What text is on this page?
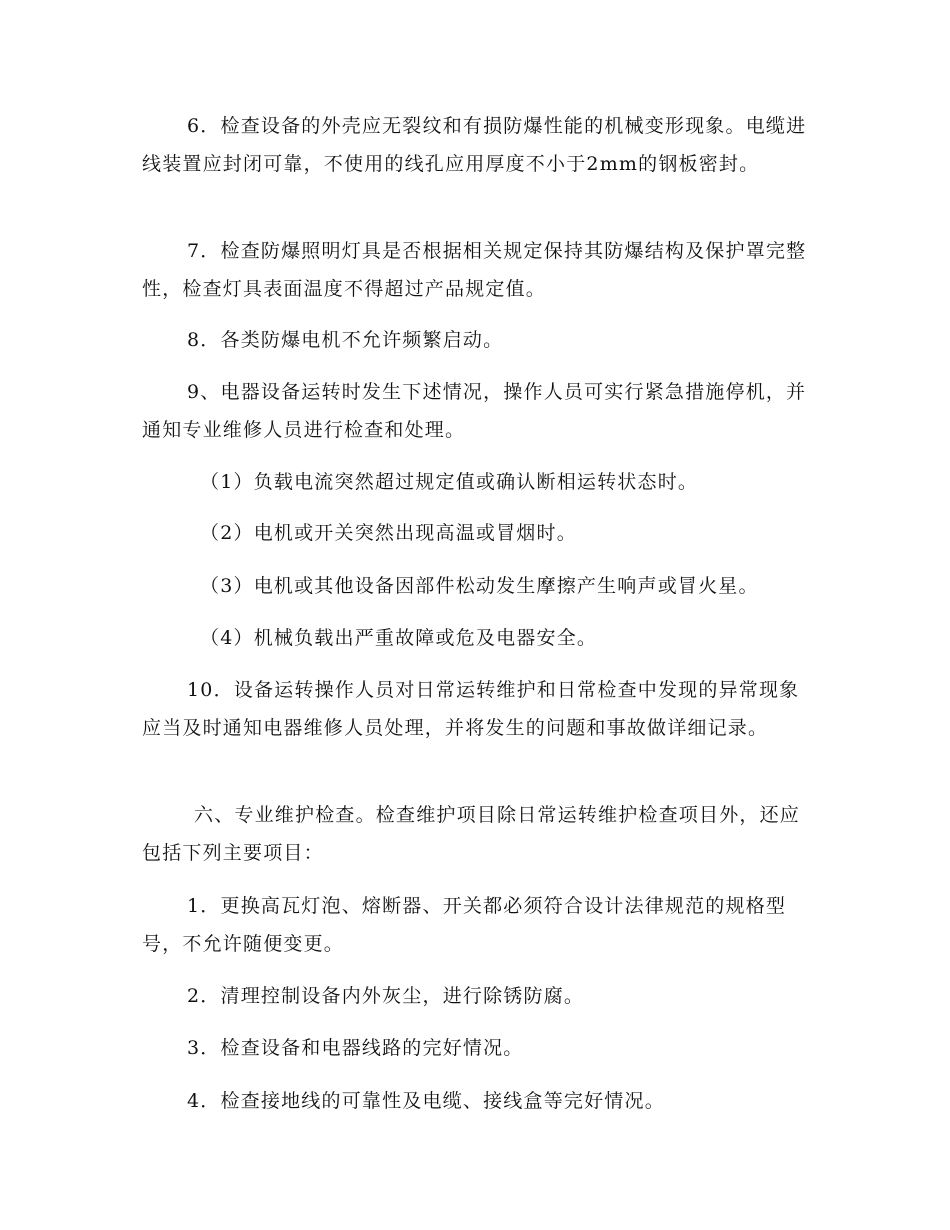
6．检查设备的外壳应无裂纹和有损防爆性能的机械变形现象。电缆进线装置应封闭可靠，不使用的线孔应用厚度不小于2mm的钢板密封。

7．检查防爆照明灯具是否根据相关规定保持其防爆结构及保护罩完整性，检查灯具表面温度不得超过产品规定值。

8．各类防爆电机不允许频繁启动。

9、电器设备运转时发生下述情况，操作人员可实行紧急措施停机，并通知专业维修人员进行检查和处理。

（1）负载电流突然超过规定值或确认断相运转状态时。

（2）电机或开关突然出现高温或冒烟时。

（3）电机或其他设备因部件松动发生摩擦产生响声或冒火星。

（4）机械负载出严重故障或危及电器安全。

10．设备运转操作人员对日常运转维护和日常检查中发现的异常现象应当及时通知电器维修人员处理，并将发生的问题和事故做详细记录。

六、专业维护检查。检查维护项目除日常运转维护检查项目外，还应包括下列主要项目：

1．更换高瓦灯泡、熔断器、开关都必须符合设计法律规范的规格型号，不允许随便变更。

2．清理控制设备内外灰尘，进行除锈防腐。

3．检查设备和电器线路的完好情况。

4．检查接地线的可靠性及电缆、接线盒等完好情况。
